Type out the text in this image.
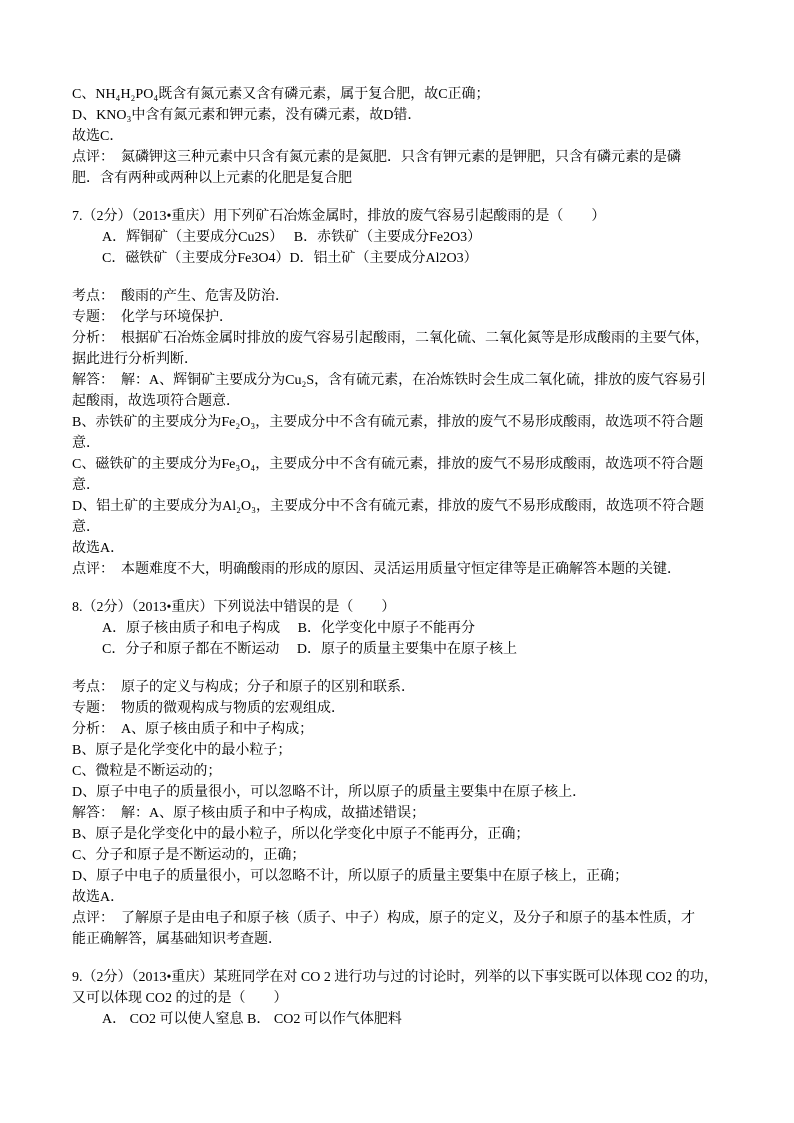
C、NH₄H₂PO₄既含有氮元素又含有磷元素，属于复合肥，故C正确；
D、KNO₃中含有氮元素和钾元素，没有磷元素，故D错．
故选C．
点评：　氮磷钾这三种元素中只含有氮元素的是氮肥．只含有钾元素的是钾肥，只含有磷元素的是磷
肥．含有两种或两种以上元素的化肥是复合肥
7.（2分）（2013•重庆）用下列矿石冶炼金属时，排放的废气容易引起酸雨的是（　　）
A．辉铜矿（主要成分Cu2S）　 B．赤铁矿（主要成分Fe2O3）
C．磁铁矿（主要成分Fe3O4）D．铝土矿（主要成分Al2O3）
考点：　酸雨的产生、危害及防治．
专题：　化学与环境保护．
分析：　根据矿石冶炼金属时排放的废气容易引起酸雨，二氧化硫、二氧化氮等是形成酸雨的主要气体，
据此进行分析判断．
解答：　解：A、辉铜矿主要成分为Cu₂S，含有硫元素，在冶炼铁时会生成二氧化硫，排放的废气容易引
起酸雨，故选项符合题意．
B、赤铁矿的主要成分为Fe₂O₃，主要成分中不含有硫元素，排放的废气不易形成酸雨，故选项不符合题
意．
C、磁铁矿的主要成分为Fe₃O₄，主要成分中不含有硫元素，排放的废气不易形成酸雨，故选项不符合题
意．
D、铝土矿的主要成分为Al₂O₃，主要成分中不含有硫元素，排放的废气不易形成酸雨，故选项不符合题
意．
故选A．
点评：　本题难度不大，明确酸雨的形成的原因、灵活运用质量守恒定律等是正确解答本题的关键．
8.（2分）（2013•重庆）下列说法中错误的是（　　）
A．原子核由质子和电子构成　 B．化学变化中原子不能再分
C．分子和原子都在不断运动　 D．原子的质量主要集中在原子核上
考点：　原子的定义与构成；分子和原子的区别和联系．
专题：　物质的微观构成与物质的宏观组成．
分析：　A、原子核由质子和中子构成；
B、原子是化学变化中的最小粒子；
C、微粒是不断运动的；
D、原子中电子的质量很小，可以忽略不计，所以原子的质量主要集中在原子核上．
解答：　解：A、原子核由质子和中子构成，故描述错误；
B、原子是化学变化中的最小粒子，所以化学变化中原子不能再分，正确；
C、分子和原子是不断运动的，正确；
D、原子中电子的质量很小，可以忽略不计，所以原子的质量主要集中在原子核上，正确；
故选A．
点评：　了解原子是由电子和原子核（质子、中子）构成，原子的定义，及分子和原子的基本性质，才
能正确解答，属基础知识考查题．
9.（2分）（2013•重庆）某班同学在对 CO 2 进行功与过的讨论时，列举的以下事实既可以体现 CO2 的功，
又可以体现 CO2 的过的是（　　）
A． CO2 可以使人窒息 B． CO2 可以作气体肥料
